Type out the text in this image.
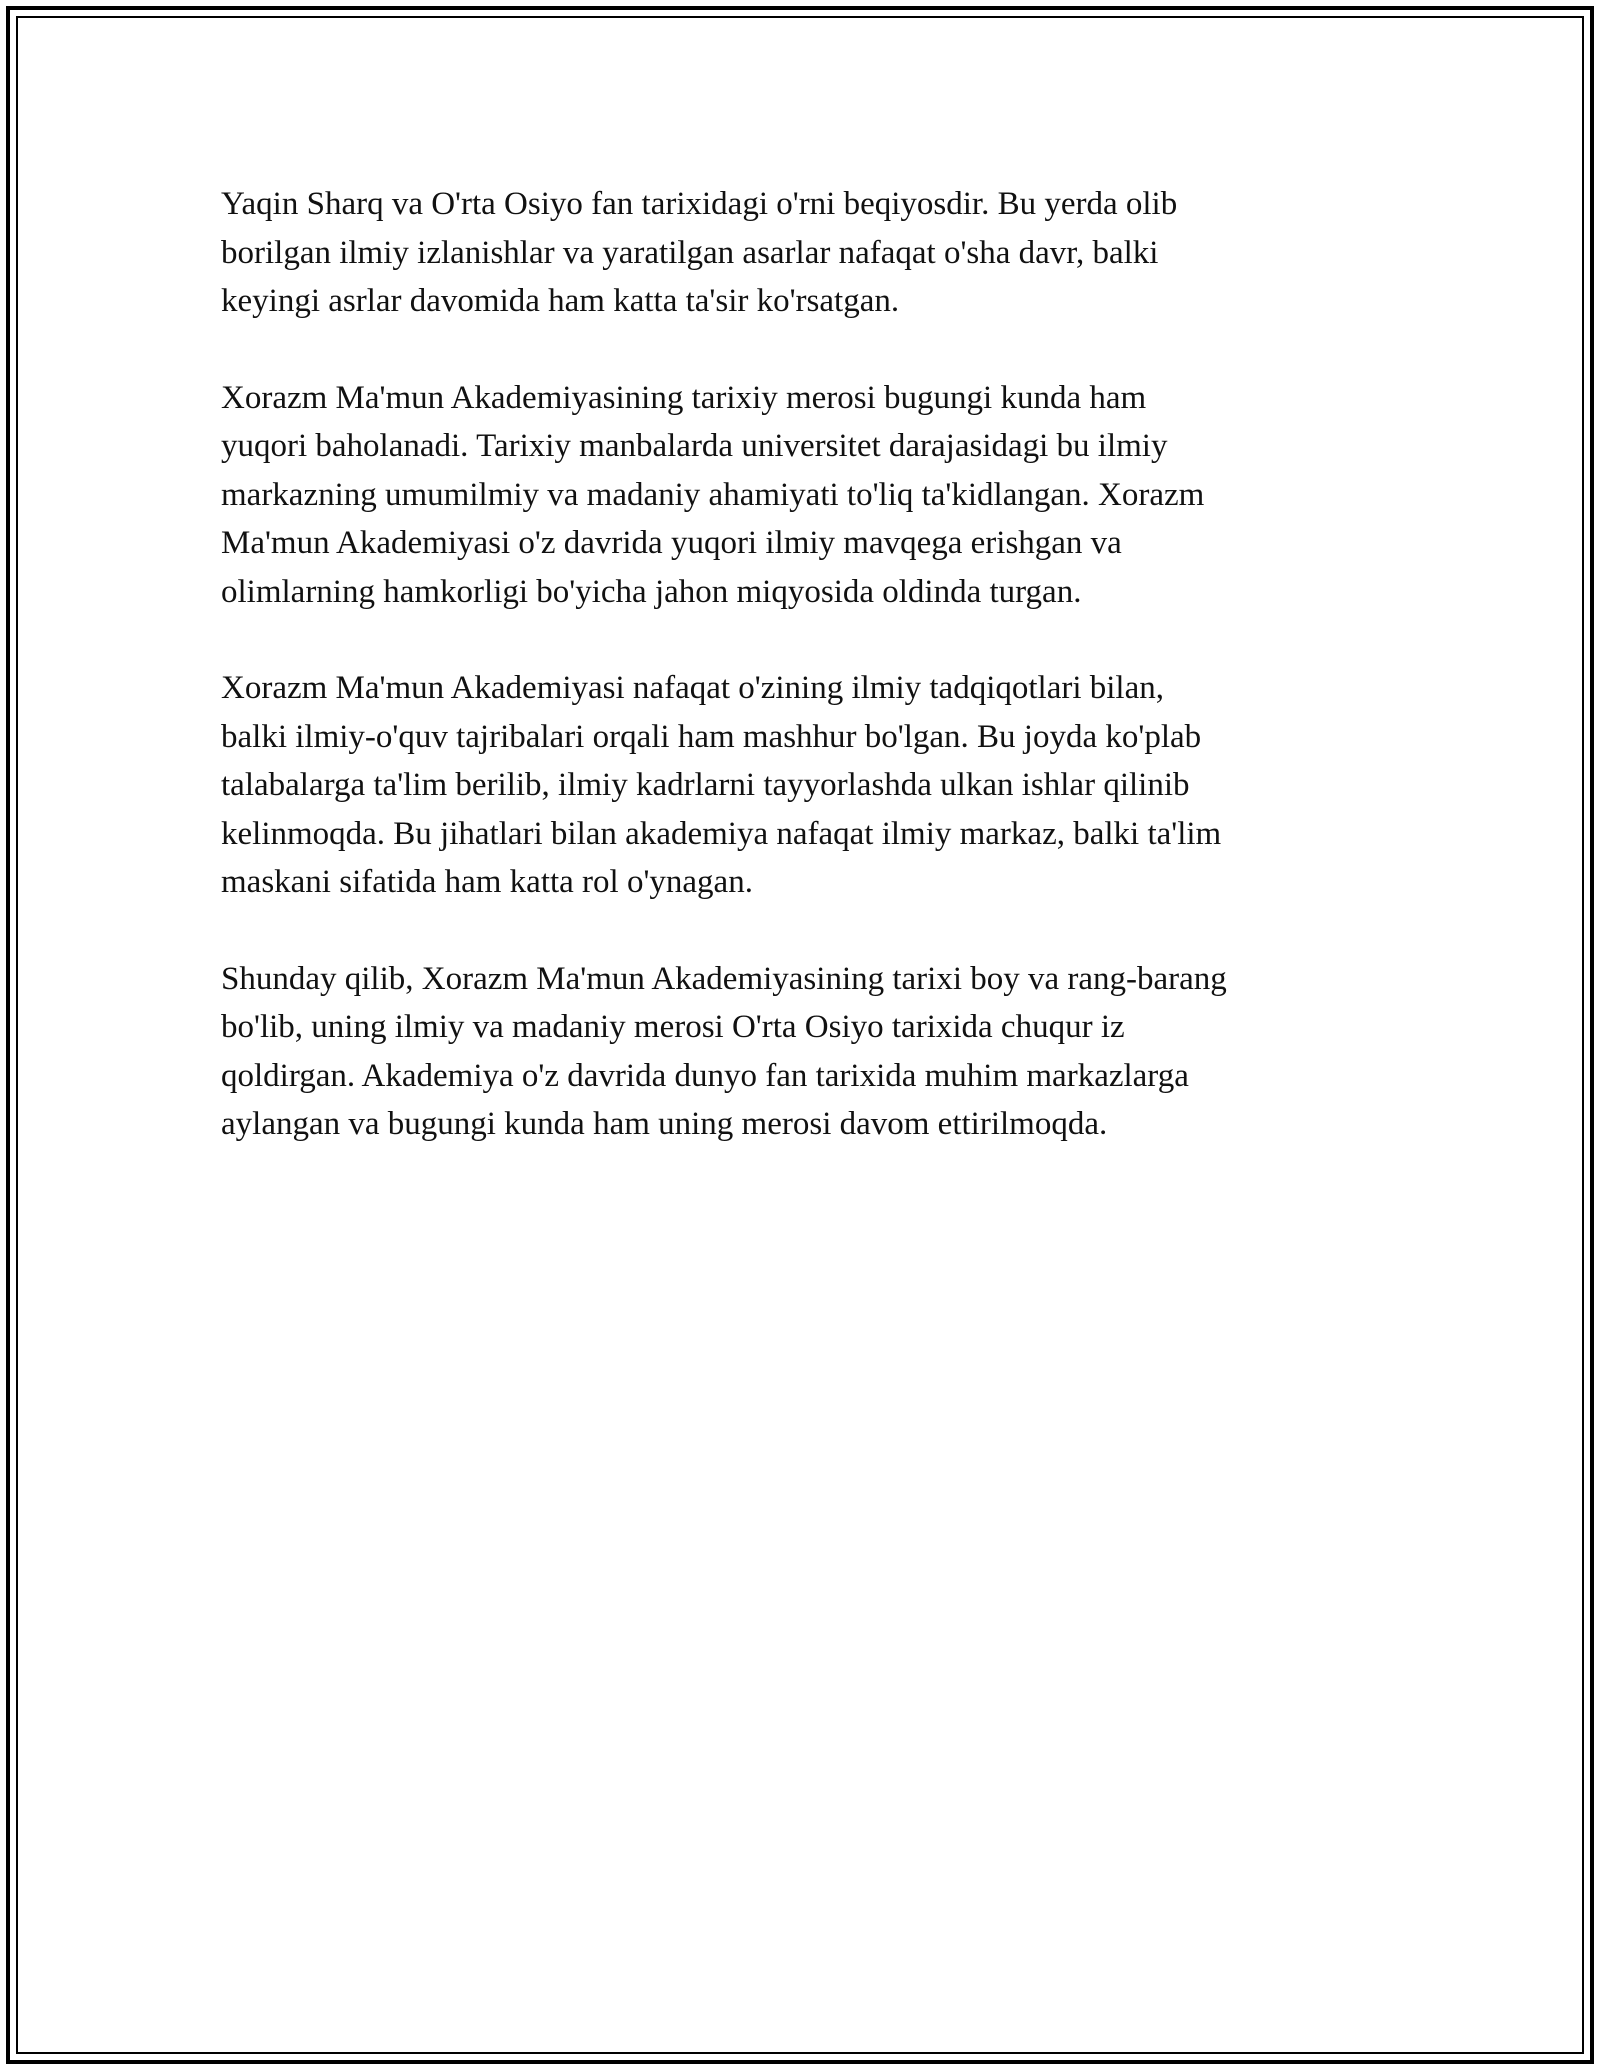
Yaqin Sharq va O'rta Osiyo fan tarixidagi o'rni beqiyosdir. Bu yerda olib
borilgan ilmiy izlanishlar va yaratilgan asarlar nafaqat o'sha davr, balki
keyingi asrlar davomida ham katta ta'sir ko'rsatgan.

Xorazm Ma'mun Akademiyasining tarixiy merosi bugungi kunda ham
yuqori baholanadi. Tarixiy manbalarda universitet darajasidagi bu ilmiy
markazning umumilmiy va madaniy ahamiyati to'liq ta'kidlangan. Xorazm
Ma'mun Akademiyasi o'z davrida yuqori ilmiy mavqega erishgan va
olimlarning hamkorligi bo'yicha jahon miqyosida oldinda turgan.

Xorazm Ma'mun Akademiyasi nafaqat o'zining ilmiy tadqiqotlari bilan,
balki ilmiy-o'quv tajribalari orqali ham mashhur bo'lgan. Bu joyda ko'plab
talabalarga ta'lim berilib, ilmiy kadrlarni tayyorlashda ulkan ishlar qilinib
kelinmoqda. Bu jihatlari bilan akademiya nafaqat ilmiy markaz, balki ta'lim
maskani sifatida ham katta rol o'ynagan.

Shunday qilib, Xorazm Ma'mun Akademiyasining tarixi boy va rang-barang
bo'lib, uning ilmiy va madaniy merosi O'rta Osiyo tarixida chuqur iz
qoldirgan. Akademiya o'z davrida dunyo fan tarixida muhim markazlarga
aylangan va bugungi kunda ham uning merosi davom ettirilmoqda.
